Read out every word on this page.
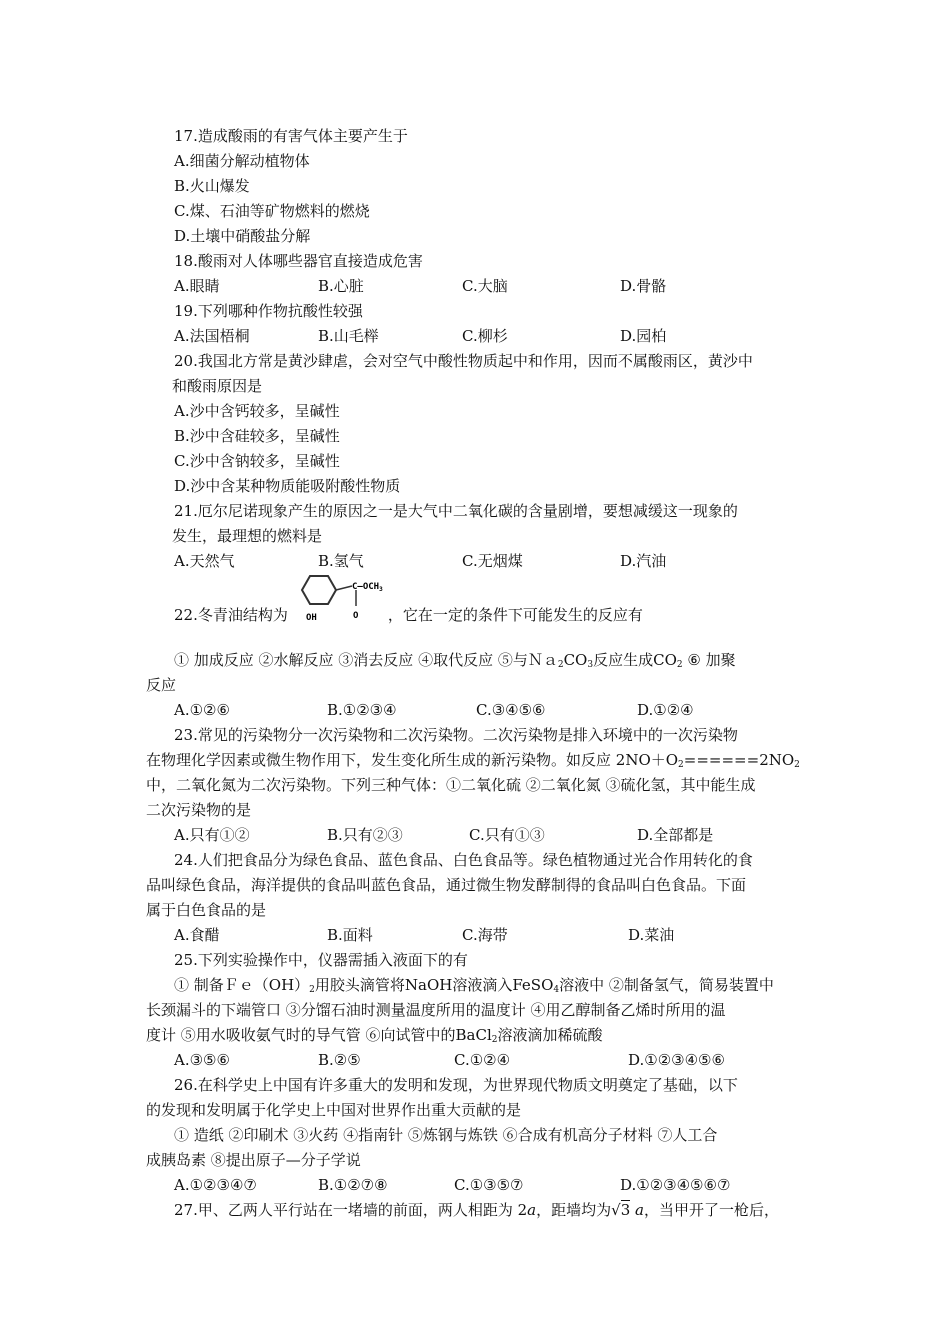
17.造成酸雨的有害气体主要产生于
A.细菌分解动植物体
B.火山爆发
C.煤、石油等矿物燃料的燃烧
D.土壤中硝酸盐分解
18.酸雨对人体哪些器官直接造成危害
A.眼睛	B.心脏	C.大脑	D.骨骼
19.下列哪种作物抗酸性较强
A.法国梧桐	B.山毛榉	C.柳杉	D.园柏
20.我国北方常是黄沙肆虐，会对空气中酸性物质起中和作用，因而不属酸雨区，黄沙中
和酸雨原因是
A.沙中含钙较多，呈碱性
B.沙中含硅较多，呈碱性
C.沙中含钠较多，呈碱性
D.沙中含某种物质能吸附酸性物质
21.厄尔尼诺现象产生的原因之一是大气中二氧化碳的含量剧增，要想减缓这一现象的
发生，最理想的燃料是
A.天然气	B.氢气	C.无烟煤	D.汽油
$C—OCH_3$
O
OH
22.冬青油结构为	，它在一定的条件下可能发生的反应有
① 加成反应 ②水解反应 ③消去反应 ④取代反应 ⑤与$Na_2CO_3$反应生成$CO_2$ ⑥ 加聚
反应
A.①②⑥	B.①②③④	C.③④⑤⑥	D.①②④
23.常见的污染物分一次污染物和二次污染物。二次污染物是排入环境中的一次污染物
在物理化学因素或微生物作用下，发生变化所生成的新污染物。如反应 $2NO+O_2======2NO_2$
中，二氧化氮为二次污染物。下列三种气体：①二氧化硫 ②二氧化氮 ③硫化氢，其中能生成
二次污染物的是
A.只有①②	B.只有②③	C.只有①③	D.全部都是
24.人们把食品分为绿色食品、蓝色食品、白色食品等。绿色植物通过光合作用转化的食
品叫绿色食品，海洋提供的食品叫蓝色食品，通过微生物发酵制得的食品叫白色食品。下面
属于白色食品的是
A.食醋	B.面料	C.海带	D.菜油
25.下列实验操作中，仪器需插入液面下的有
① 制备$Fe(OH)_2$用胶头滴管将NaOH溶液滴入FeSO$_4$溶液中 ②制备氢气，简易装置中
长颈漏斗的下端管口 ③分馏石油时测量温度所用的温度计 ④用乙醇制备乙烯时所用的温
度计 ⑤用水吸收氨气时的导气管 ⑥向试管中的BaCl$_2$溶液滴加稀硫酸
A.③⑤⑥	B.②⑤	C.①②④	D.①②③④⑤⑥
26.在科学史上中国有许多重大的发明和发现，为世界现代物质文明奠定了基础，以下
的发现和发明属于化学史上中国对世界作出重大贡献的是
① 造纸 ②印刷术 ③火药 ④指南针 ⑤炼钢与炼铁 ⑥合成有机高分子材料 ⑦人工合
成胰岛素 ⑧提出原子—分子学说
A.①②③④⑦	B.①②⑦⑧	C.①③⑤⑦	D.①②③④⑤⑥⑦
27.甲、乙两人平行站在一堵墙的前面，两人相距为 2a，距墙均为√3 a，当甲开了一枪后，
